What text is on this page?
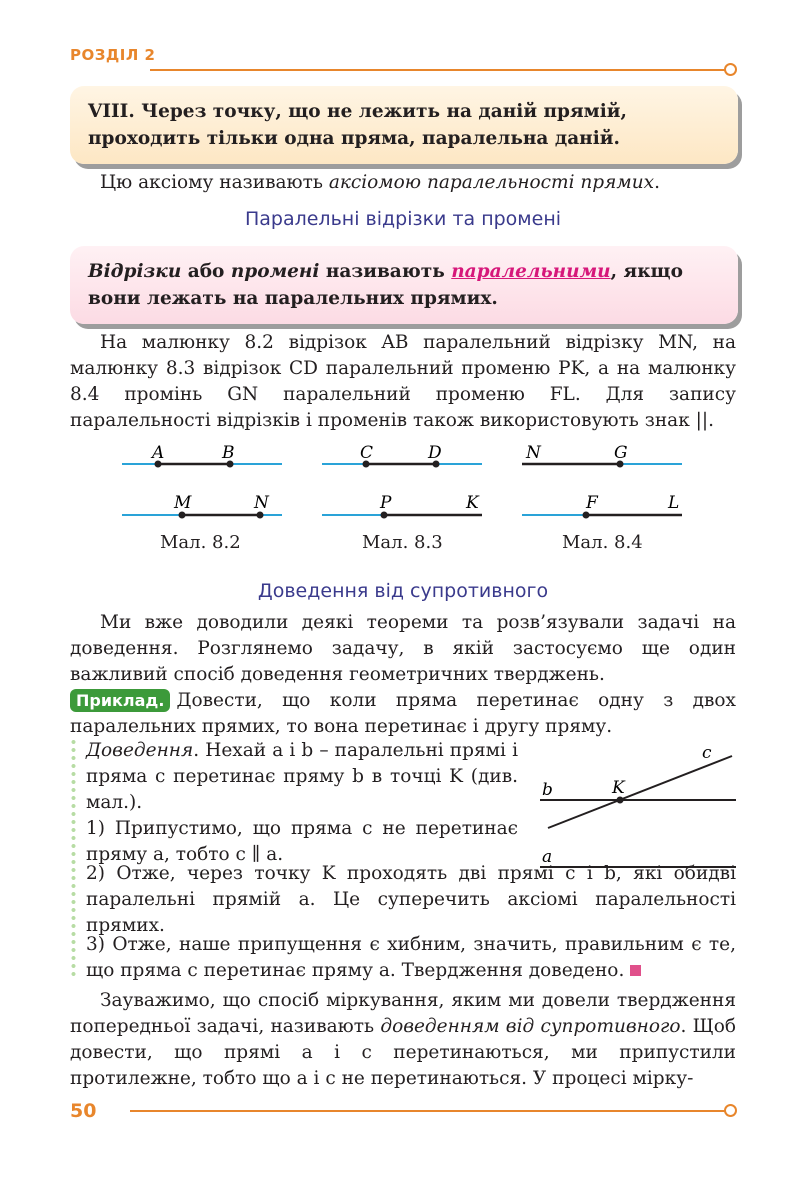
РОЗДІЛ 2
VIII. Через точку, що не лежить на даній прямій, проходить тільки одна пряма, паралельна даній.
Цю аксіому називають аксіомою паралельності прямих.
Паралельні відрізки та промені
Відрізки або промені називають паралельними, якщо вони лежать на паралельних прямих.
На малюнку 8.2 відрізок AB паралельний відрізку MN, на малюнку 8.3 відрізок CD паралельний променю PK, а на малюнку 8.4 промінь GN паралельний променю FL. Для запису паралельності відрізків і променів також використовують знак ||.
A	B
M	N
C	D
P	K
N	G
F	L
Мал. 8.2	Мал. 8.3	Мал. 8.4
Доведення від супротивного
Ми вже доводили деякі теореми та розв’язували задачі на доведення. Розглянемо задачу, в якій застосуємо ще один важливий спосіб доведення геометричних тверджень.
Приклад. Довести, що коли пряма перетинає одну з двох паралельних прямих, то вона перетинає і другу пряму.
Доведення. Нехай a і b – паралельні прямі і пряма c перетинає пряму b в точці K (див. мал.).
c
b	K
a
1) Припустимо, що пряма c не перетинає пряму a, тобто c ∥ a.
2) Отже, через точку K проходять дві прямі c і b, які обидві паралельні прямій a. Це суперечить аксіомі паралельності прямих.
3) Отже, наше припущення є хибним, значить, правильним є те, що пряма c перетинає пряму a. Твердження доведено.
Зауважимо, що спосіб міркування, яким ми довели твердження попередньої задачі, називають доведенням від супротивного. Щоб довести, що прямі a і c перетинаються, ми припустили протилежне, тобто що a і c не перетинаються. У процесі мірку-
50
